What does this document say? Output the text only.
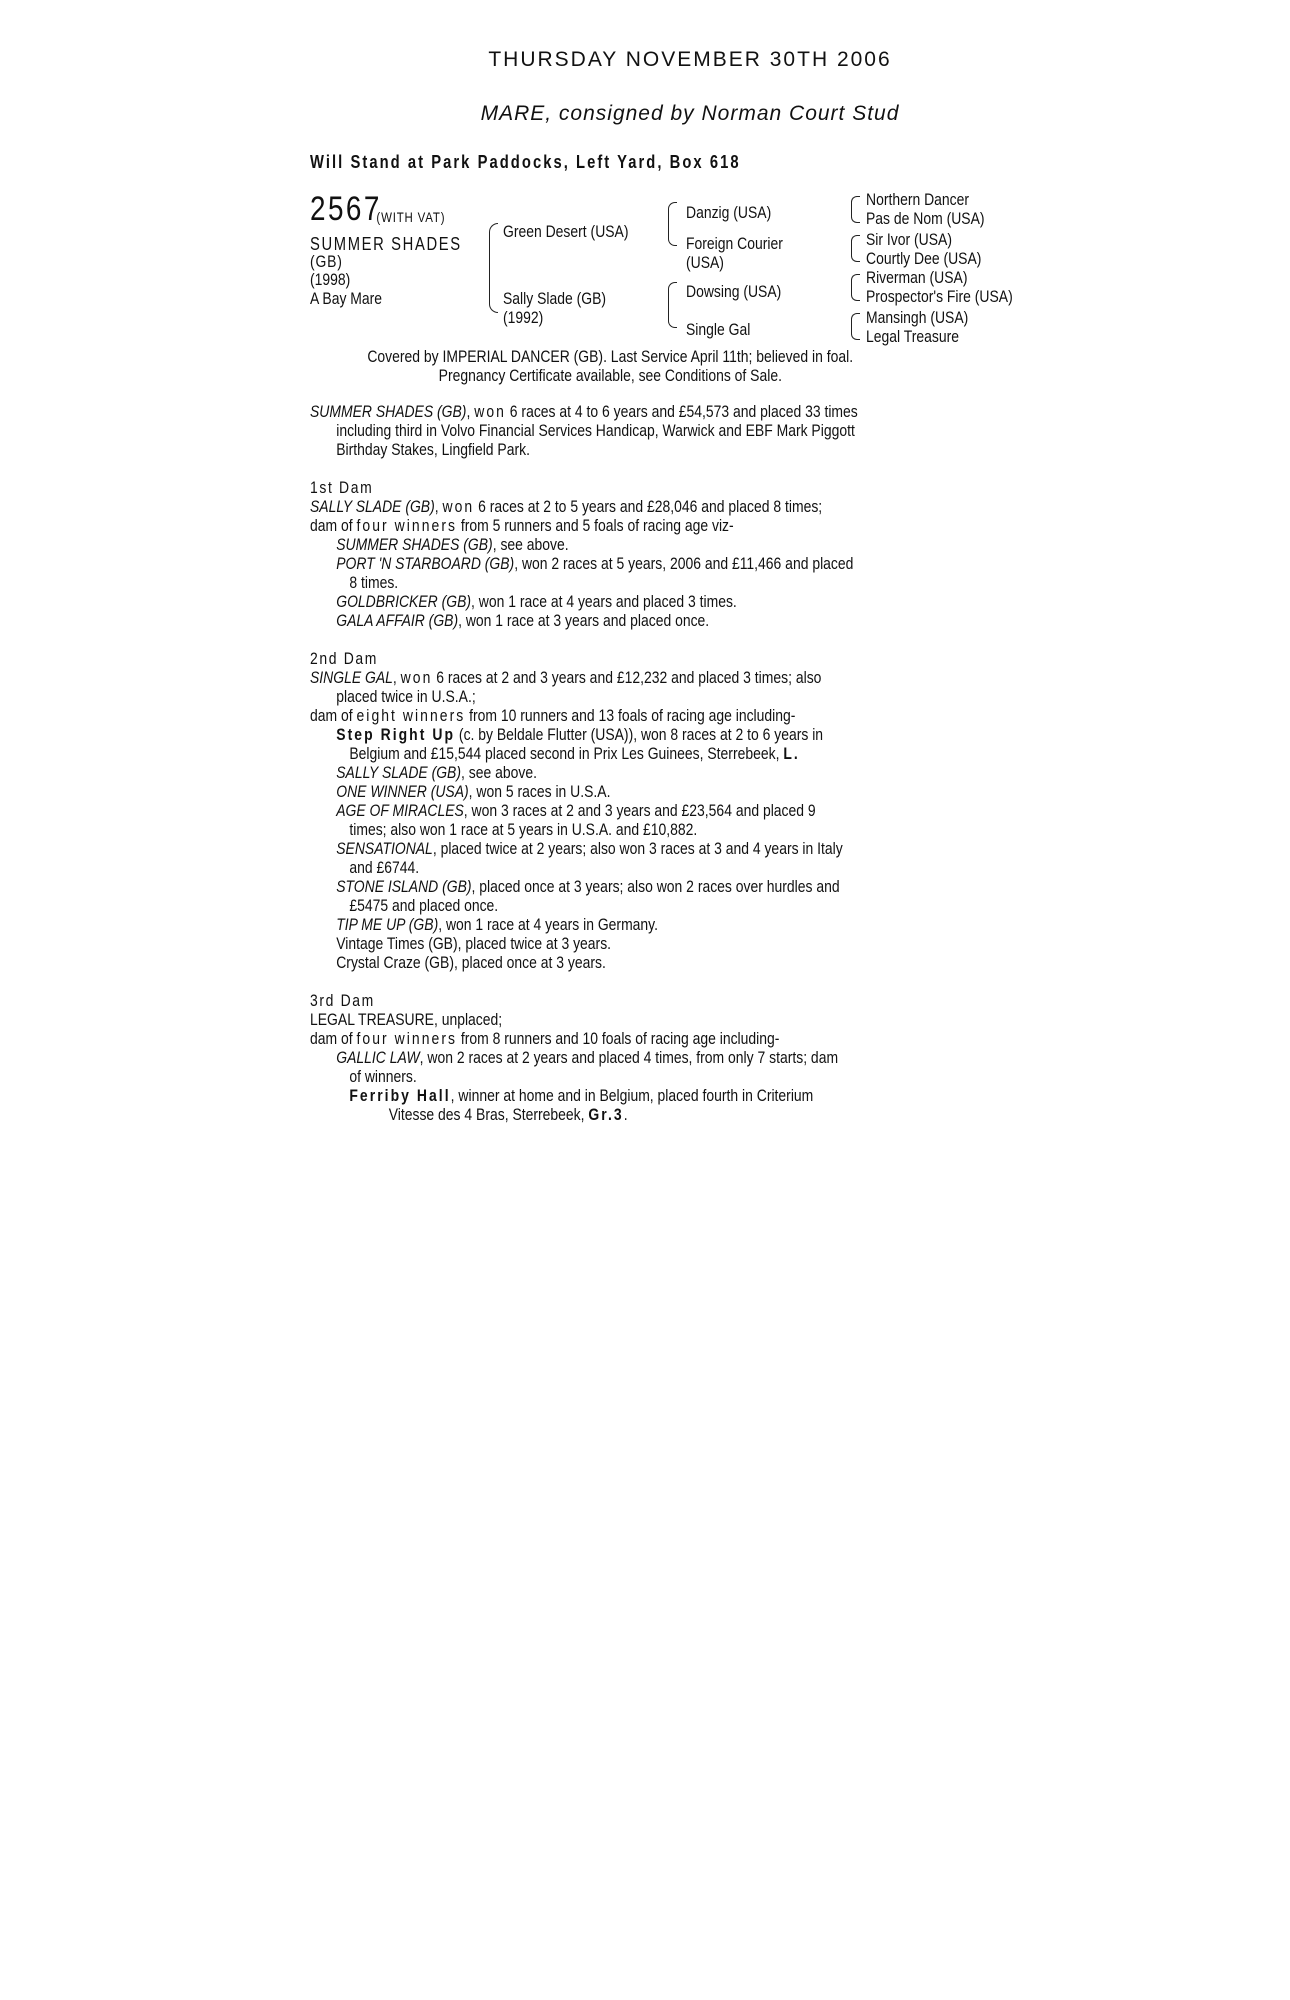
THURSDAY NOVEMBER 30TH 2006
MARE, consigned by Norman Court Stud
Will Stand at Park Paddocks, Left Yard, Box 618
2567
(WITH VAT)
SUMMER SHADES
(GB)
(1998)
A Bay Mare
Green Desert (USA)
Sally Slade (GB)
(1992)
Danzig (USA)
Foreign Courier
(USA)
Dowsing (USA)
Single Gal
Northern Dancer
Pas de Nom (USA)
Sir Ivor (USA)
Courtly Dee (USA)
Riverman (USA)
Prospector's Fire (USA)
Mansingh (USA)
Legal Treasure
Covered by IMPERIAL DANCER (GB). Last Service April 11th; believed in foal.
Pregnancy Certificate available, see Conditions of Sale.
SUMMER SHADES (GB), won 6 races at 4 to 6 years and £54,573 and placed 33 times
including third in Volvo Financial Services Handicap, Warwick and EBF Mark Piggott
Birthday Stakes, Lingfield Park.
1st Dam
SALLY SLADE (GB), won 6 races at 2 to 5 years and £28,046 and placed 8 times;
dam of four winners from 5 runners and 5 foals of racing age viz-
SUMMER SHADES (GB), see above.
PORT 'N STARBOARD (GB), won 2 races at 5 years, 2006 and £11,466 and placed
8 times.
GOLDBRICKER (GB), won 1 race at 4 years and placed 3 times.
GALA AFFAIR (GB), won 1 race at 3 years and placed once.
2nd Dam
SINGLE GAL, won 6 races at 2 and 3 years and £12,232 and placed 3 times; also
placed twice in U.S.A.;
dam of eight winners from 10 runners and 13 foals of racing age including-
Step Right Up (c. by Beldale Flutter (USA)), won 8 races at 2 to 6 years in
Belgium and £15,544 placed second in Prix Les Guinees, Sterrebeek, L.
SALLY SLADE (GB), see above.
ONE WINNER (USA), won 5 races in U.S.A.
AGE OF MIRACLES, won 3 races at 2 and 3 years and £23,564 and placed 9
times; also won 1 race at 5 years in U.S.A. and £10,882.
SENSATIONAL, placed twice at 2 years; also won 3 races at 3 and 4 years in Italy
and £6744.
STONE ISLAND (GB), placed once at 3 years; also won 2 races over hurdles and
£5475 and placed once.
TIP ME UP (GB), won 1 race at 4 years in Germany.
Vintage Times (GB), placed twice at 3 years.
Crystal Craze (GB), placed once at 3 years.
3rd Dam
LEGAL TREASURE, unplaced;
dam of four winners from 8 runners and 10 foals of racing age including-
GALLIC LAW, won 2 races at 2 years and placed 4 times, from only 7 starts; dam
of winners.
Ferriby Hall, winner at home and in Belgium, placed fourth in Criterium
Vitesse des 4 Bras, Sterrebeek, Gr.3.
